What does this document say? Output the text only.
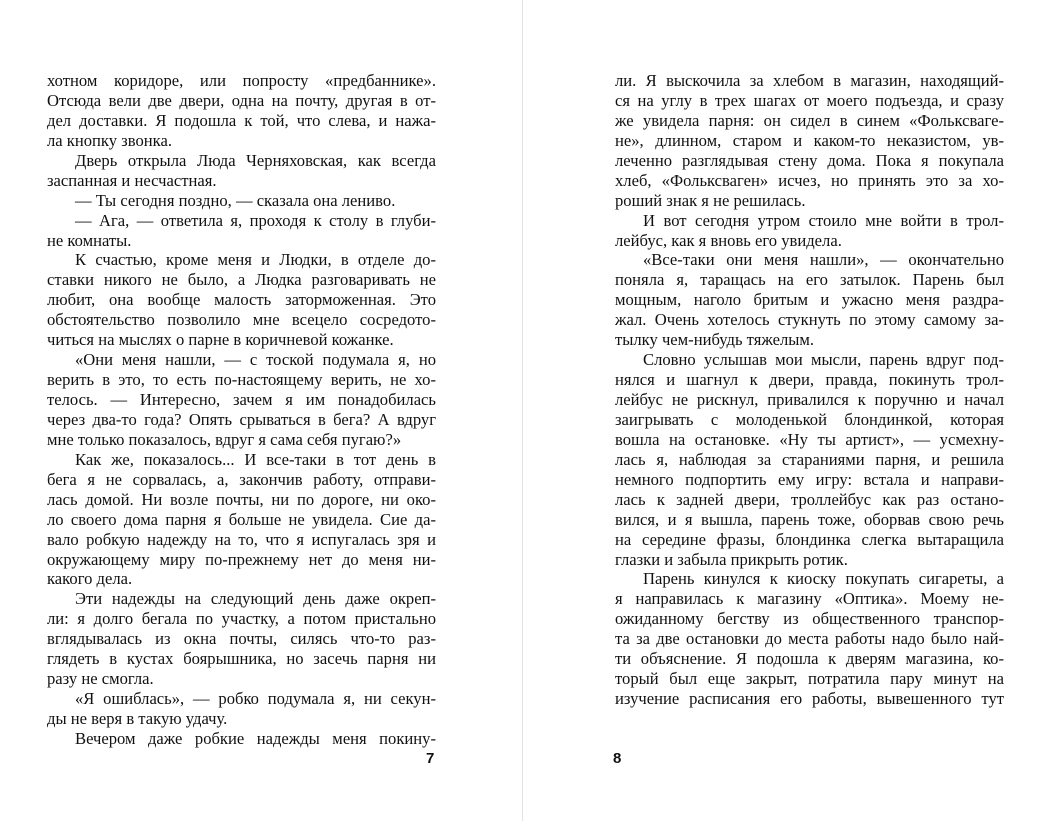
хотном коридоре, или попросту «предбаннике».
Отсюда вели две двери, одна на почту, другая в от-
дел доставки. Я подошла к той, что слева, и нажа-
ла кнопку звонка.
Дверь открыла Люда Черняховская, как всегда
заспанная и несчастная.
— Ты сегодня поздно, — сказала она лениво.
— Ага, — ответила я, проходя к столу в глуби-
не комнаты.
К счастью, кроме меня и Людки, в отделе до-
ставки никого не было, а Людка разговаривать не
любит, она вообще малость заторможенная. Это
обстоятельство позволило мне всецело сосредото-
читься на мыслях о парне в коричневой кожанке.
«Они меня нашли, — с тоской подумала я, но
верить в это, то есть по-настоящему верить, не хо-
телось. — Интересно, зачем я им понадобилась
через два-то года? Опять срываться в бега? А вдруг
мне только показалось, вдруг я сама себя пугаю?»
Как же, показалось... И все-таки в тот день в
бега я не сорвалась, а, закончив работу, отправи-
лась домой. Ни возле почты, ни по дороге, ни око-
ло своего дома парня я больше не увидела. Сие да-
вало робкую надежду на то, что я испугалась зря и
окружающему миру по-прежнему нет до меня ни-
какого дела.
Эти надежды на следующий день даже окреп-
ли: я долго бегала по участку, а потом пристально
вглядывалась из окна почты, силясь что-то раз-
глядеть в кустах боярышника, но засечь парня ни
разу не смогла.
«Я ошиблась», — робко подумала я, ни секун-
ды не веря в такую удачу.
Вечером даже робкие надежды меня покину-
7
ли. Я выскочила за хлебом в магазин, находящий-
ся на углу в трех шагах от моего подъезда, и сразу
же увидела парня: он сидел в синем «Фольксваге-
не», длинном, старом и каком-то неказистом, ув-
леченно разглядывая стену дома. Пока я покупала
хлеб, «Фольксваген» исчез, но принять это за хо-
роший знак я не решилась.
И вот сегодня утром стоило мне войти в трол-
лейбус, как я вновь его увидела.
«Все-таки они меня нашли», — окончательно
поняла я, таращась на его затылок. Парень был
мощным, наголо бритым и ужасно меня раздра-
жал. Очень хотелось стукнуть по этому самому за-
тылку чем-нибудь тяжелым.
Словно услышав мои мысли, парень вдруг под-
нялся и шагнул к двери, правда, покинуть трол-
лейбус не рискнул, привалился к поручню и начал
заигрывать с молоденькой блондинкой, которая
вошла на остановке. «Ну ты артист», — усмехну-
лась я, наблюдая за стараниями парня, и решила
немного подпортить ему игру: встала и направи-
лась к задней двери, троллейбус как раз остано-
вился, и я вышла, парень тоже, оборвав свою речь
на середине фразы, блондинка слегка вытаращила
глазки и забыла прикрыть ротик.
Парень кинулся к киоску покупать сигареты, а
я направилась к магазину «Оптика». Моему не-
ожиданному бегству из общественного транспор-
та за две остановки до места работы надо было най-
ти объяснение. Я подошла к дверям магазина, ко-
торый был еще закрыт, потратила пару минут на
изучение расписания его работы, вывешенного тут
8
